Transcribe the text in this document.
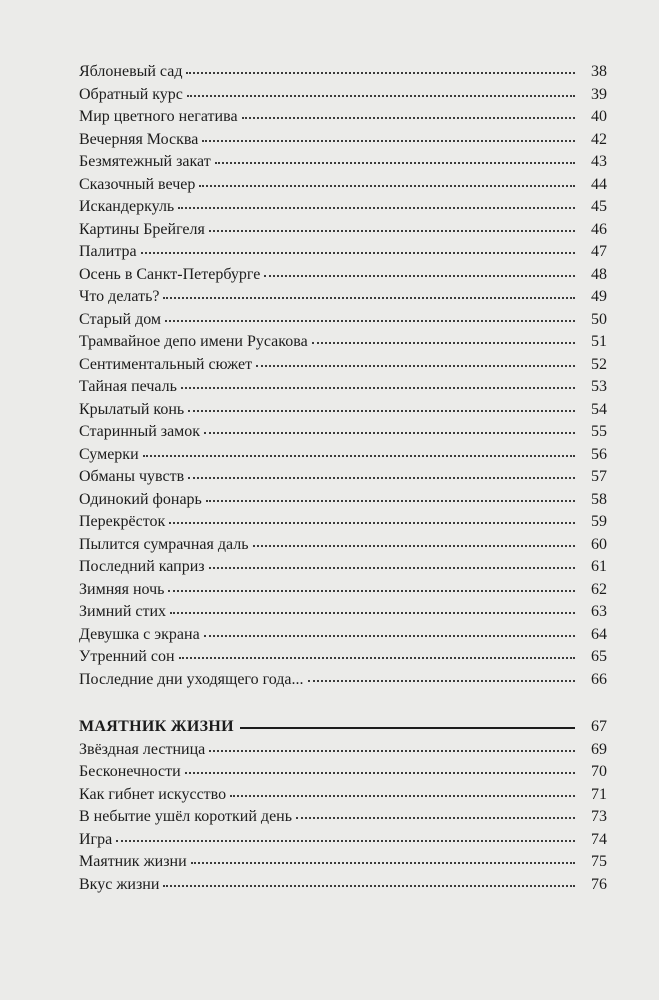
Яблоневый сад	38
Обратный курс	39
Мир цветного негатива	40
Вечерняя Москва	42
Безмятежный закат	43
Сказочный вечер	44
Искандеркуль	45
Картины Брейгеля	46
Палитра	47
Осень в Санкт-Петербурге	48
Что делать?	49
Старый дом	50
Трамвайное депо имени Русакова	51
Сентиментальный сюжет	52
Тайная печаль	53
Крылатый конь	54
Старинный замок	55
Сумерки	56
Обманы чувств	57
Одинокий фонарь	58
Перекрёсток	59
Пылится сумрачная даль	60
Последний каприз	61
Зимняя ночь	62
Зимний стих	63
Девушка с экрана	64
Утренний сон	65
Последние дни уходящего года...	66
МАЯТНИК ЖИЗНИ	67
Звёздная лестница	69
Бесконечности	70
Как гибнет искусство	71
В небытие ушёл короткий день	73
Игра	74
Маятник жизни	75
Вкус жизни	76
